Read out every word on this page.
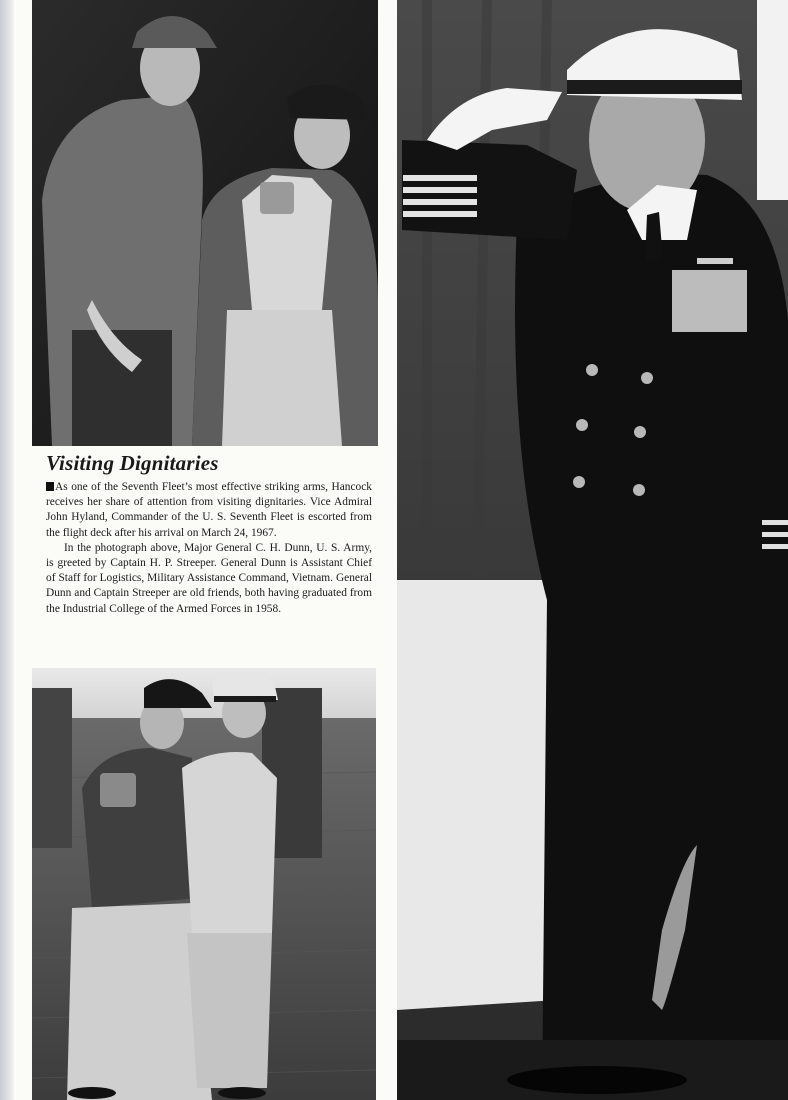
Visiting Dignitaries

As one of the Seventh Fleet’s most effective striking arms, Hancock receives her share of attention from visiting dignitaries. Vice Admiral John Hyland, Commander of the U. S. Seventh Fleet is escorted from the flight deck after his arrival on March 24, 1967.

In the photograph above, Major General C. H. Dunn, U. S. Army, is greeted by Captain H. P. Streeper. General Dunn is Assistant Chief of Staff for Logistics, Military Assistance Command, Vietnam. General Dunn and Captain Streeper are old friends, both having graduated from the Industrial College of the Armed Forces in 1958.
